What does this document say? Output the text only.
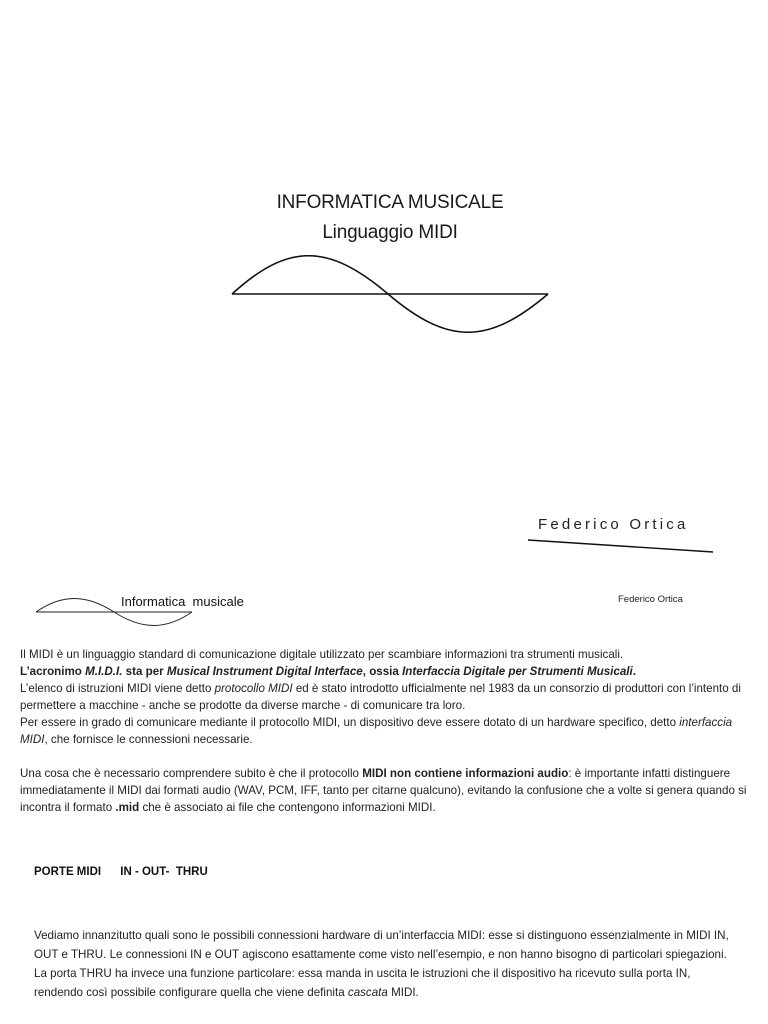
INFORMATICA MUSICALE
Linguaggio MIDI
Federico Ortica
Informatica  musicale	Federico Ortica

Il MIDI è un linguaggio standard di comunicazione digitale utilizzato per scambiare informazioni tra strumenti musicali.

L’acronimo M.I.D.I. sta per Musical Instrument Digital Interface, ossia Interfaccia Digitale per Strumenti Musicali.

L’elenco di istruzioni MIDI viene detto protocollo MIDI ed è stato introdotto ufficialmente nel 1983 da un consorzio di produttori con l’intento di permettere a macchine - anche se prodotte da diverse marche - di comunicare tra loro.

Per essere in grado di comunicare mediante il protocollo MIDI, un dispositivo deve essere dotato di un hardware specifico, detto interfaccia MIDI, che fornisce le connessioni necessarie.

Una cosa che è necessario comprendere subito è che il protocollo MIDI non contiene informazioni audio: è importante infatti distinguere immediatamente il MIDI dai formati audio (WAV, PCM, IFF, tanto per citarne qualcuno), evitando la confusione che a volte si genera quando si incontra il formato .mid che è associato ai file che contengono informazioni MIDI.

PORTE MIDI IN - OUT-  THRU

Vediamo innanzitutto quali sono le possibili connessioni hardware di un’interfaccia MIDI: esse si distinguono essenzialmente in MIDI IN, OUT e THRU. Le connessioni IN e OUT agiscono esattamente come visto nell’esempio, e non hanno bisogno di particolari spiegazioni. La porta THRU ha invece una funzione particolare: essa manda in uscita le istruzioni che il dispositivo ha ricevuto sulla porta IN, rendendo così possibile configurare quella che viene definita cascata MIDI.
